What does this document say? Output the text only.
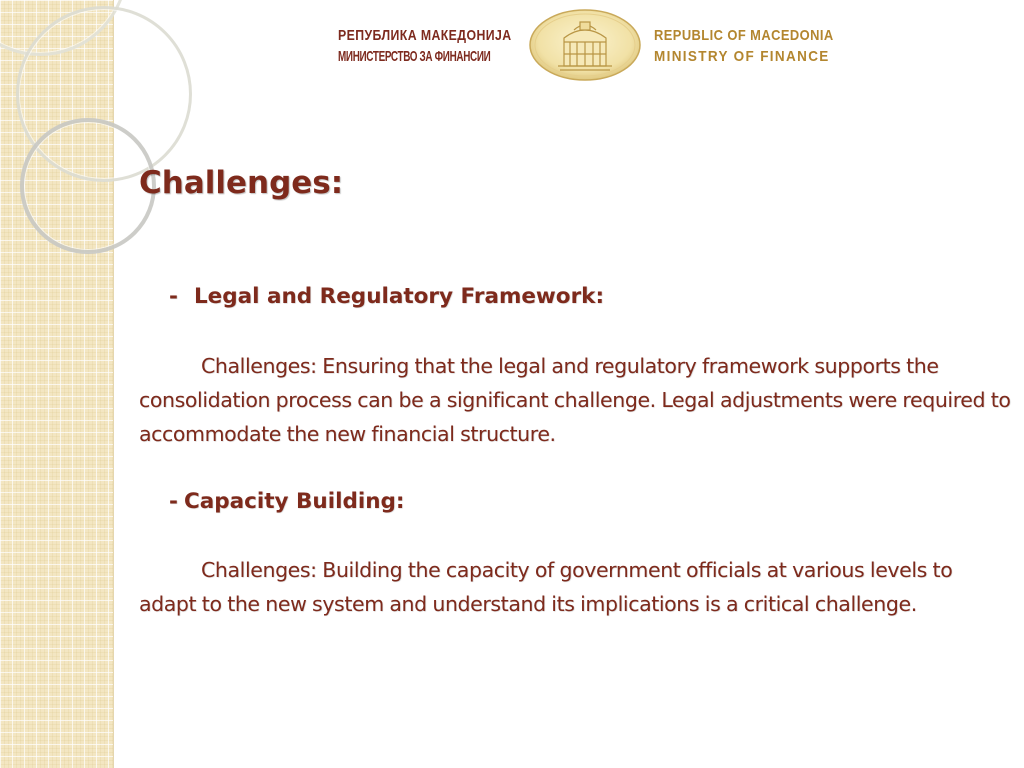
РЕПУБЛИКА МАКЕДОНИЈА
МИНИСТЕРСТВО ЗА ФИНАНСИИ
REPUBLIC OF MACEDONIA
MINISTRY OF FINANCE
Challenges:
- Legal and Regulatory Framework:

Challenges: Ensuring that the legal and regulatory framework supports the consolidation process can be a significant challenge. Legal adjustments were required to accommodate the new financial structure.

- Capacity Building:

Challenges: Building the capacity of government officials at various levels to adapt to the new system and understand its implications is a critical challenge.
